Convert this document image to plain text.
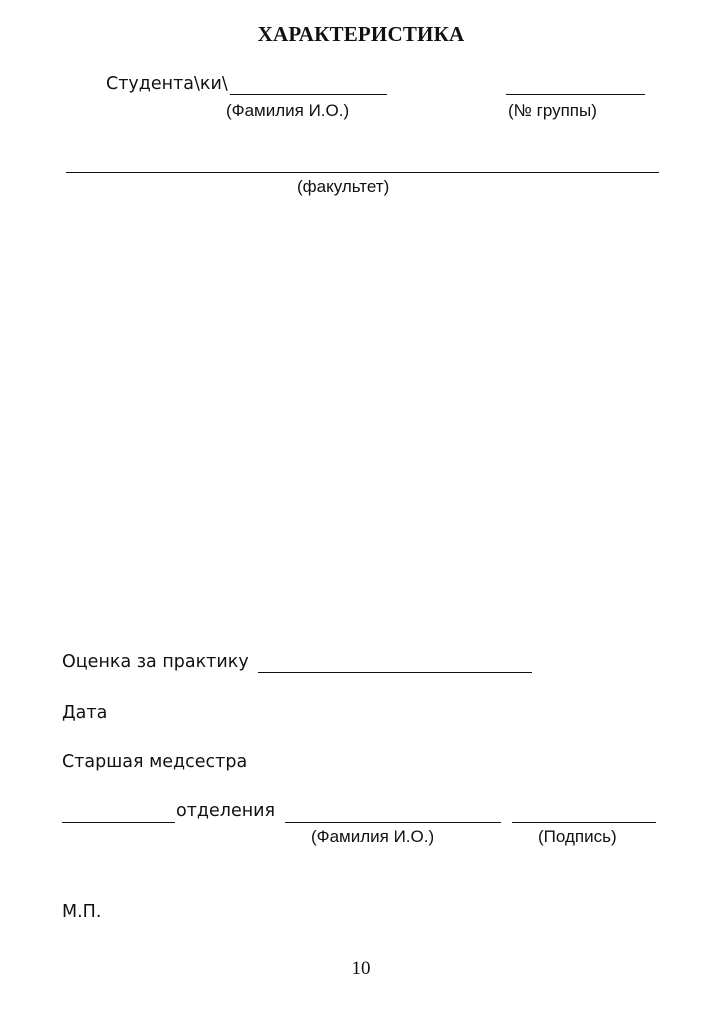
ХАРАКТЕРИСТИКА
Студента\ки\
(Фамилия И.О.)	(№ группы)
(факультет)
Оценка за практику
Дата
Старшая медсестра
отделения
(Фамилия И.О.)	(Подпись)
М.П.
10
